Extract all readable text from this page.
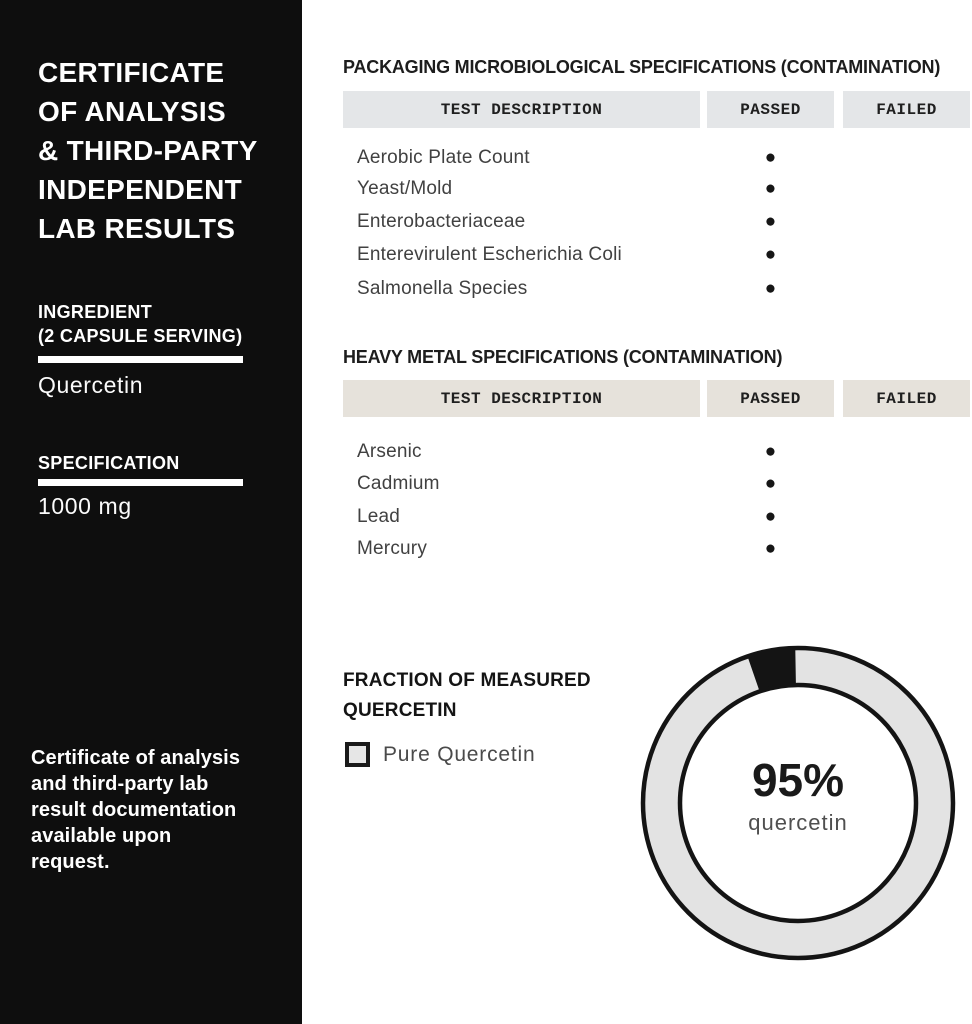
CERTIFICATE
OF ANALYSIS
& THIRD-PARTY
INDEPENDENT
LAB RESULTS
INGREDIENT
(2 CAPSULE SERVING)
Quercetin
SPECIFICATION
1000 mg

Certificate of analysis
and third-party lab
result documentation
available upon
request.

PACKAGING MICROBIOLOGICAL SPECIFICATIONS (CONTAMINATION)
TEST DESCRIPTION	PASSED	FAILED
Aerobic Plate Count	●
Yeast/Mold	●
Enterobacteriaceae	●
Enterevirulent Escherichia Coli	●
Salmonella Species	●
HEAVY METAL SPECIFICATIONS (CONTAMINATION)
TEST DESCRIPTION	PASSED	FAILED
Arsenic	●
Cadmium	●
Lead	●
Mercury	●
FRACTION OF MEASURED
QUERCETIN
Pure Quercetin	95%
quercetin
